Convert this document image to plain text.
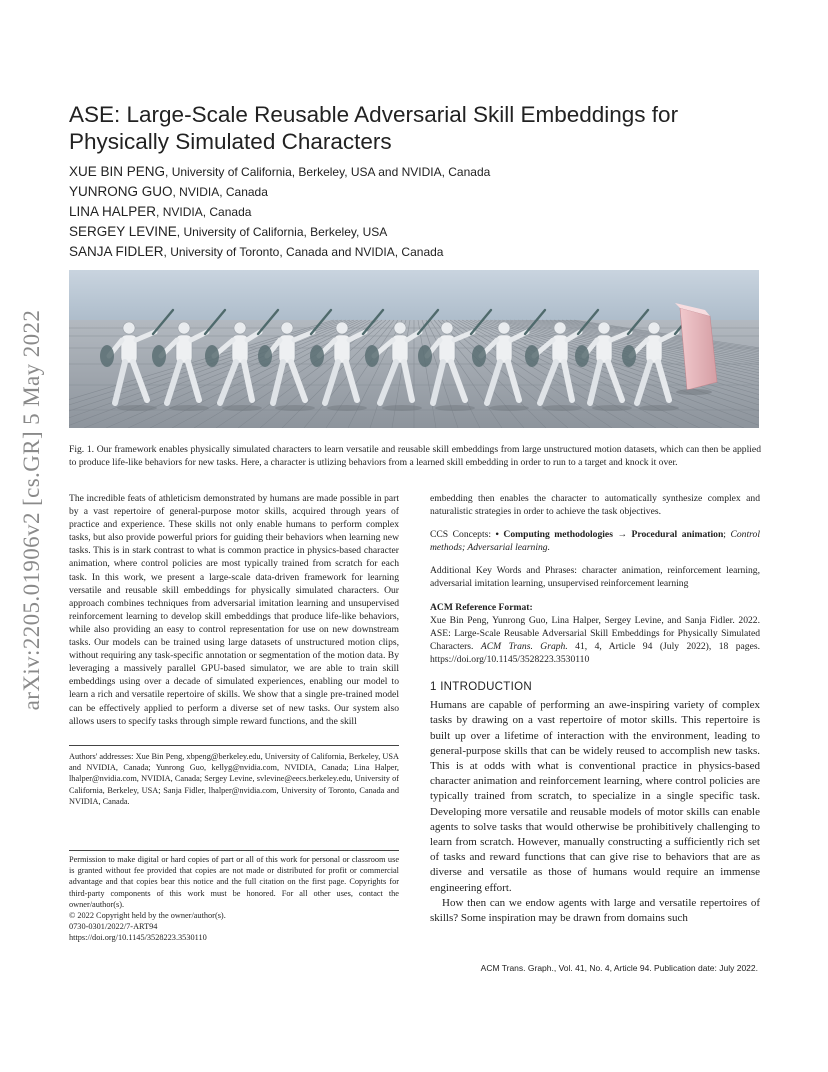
arXiv:2205.01906v2 [cs.GR] 5 May 2022
ASE: Large-Scale Reusable Adversarial Skill Embeddings for Physically Simulated Characters
XUE BIN PENG, University of California, Berkeley, USA and NVIDIA, Canada
YUNRONG GUO, NVIDIA, Canada
LINA HALPER, NVIDIA, Canada
SERGEY LEVINE, University of California, Berkeley, USA
SANJA FIDLER, University of Toronto, Canada and NVIDIA, Canada

Fig. 1. Our framework enables physically simulated characters to learn versatile and reusable skill embeddings from large unstructured motion datasets, which can then be applied to produce life-like behaviors for new tasks. Here, a character is utlizing behaviors from a learned skill embedding in order to run to a target and knock it over.

The incredible feats of athleticism demonstrated by humans are made possible in part by a vast repertoire of general-purpose motor skills, acquired through years of practice and experience. These skills not only enable humans to perform complex tasks, but also provide powerful priors for guiding their behaviors when learning new tasks. This is in stark contrast to what is common practice in physics-based character animation, where control policies are most typically trained from scratch for each task. In this work, we present a large-scale data-driven framework for learning versatile and reusable skill embeddings for physically simulated characters. Our approach combines techniques from adversarial imitation learning and unsupervised reinforcement learning to develop skill embeddings that produce life-like behaviors, while also providing an easy to control representation for use on new downstream tasks. Our models can be trained using large datasets of unstructured motion clips, without requiring any task-specific annotation or segmentation of the motion data. By leveraging a massively parallel GPU-based simulator, we are able to train skill embeddings using over a decade of simulated experiences, enabling our model to learn a rich and versatile repertoire of skills. We show that a single pre-trained model can be effectively applied to perform a diverse set of new tasks. Our system also allows users to specify tasks through simple reward functions, and the skill

Authors' addresses: Xue Bin Peng, xbpeng@berkeley.edu, University of California, Berkeley, USA and NVIDIA, Canada; Yunrong Guo, kellyg@nvidia.com, NVIDIA, Canada; Lina Halper, lhalper@nvidia.com, NVIDIA, Canada; Sergey Levine, svlevine@eecs.berkeley.edu, University of California, Berkeley, USA; Sanja Fidler, lhalper@nvidia.com, University of Toronto, Canada and NVIDIA, Canada.

Permission to make digital or hard copies of part or all of this work for personal or classroom use is granted without fee provided that copies are not made or distributed for profit or commercial advantage and that copies bear this notice and the full citation on the first page. Copyrights for third-party components of this work must be honored. For all other uses, contact the owner/author(s).

© 2022 Copyright held by the owner/author(s).

0730-0301/2022/7-ART94

https://doi.org/10.1145/3528223.3530110

embedding then enables the character to automatically synthesize complex and naturalistic strategies in order to achieve the task objectives.

CCS Concepts: • Computing methodologies → Procedural animation; Control methods; Adversarial learning.

Additional Key Words and Phrases: character animation, reinforcement learning, adversarial imitation learning, unsupervised reinforcement learning

ACM Reference Format:

Xue Bin Peng, Yunrong Guo, Lina Halper, Sergey Levine, and Sanja Fidler. 2022. ASE: Large-Scale Reusable Adversarial Skill Embeddings for Physically Simulated Characters. ACM Trans. Graph. 41, 4, Article 94 (July 2022), 18 pages. https://doi.org/10.1145/3528223.3530110

1 INTRODUCTION

Humans are capable of performing an awe-inspiring variety of complex tasks by drawing on a vast repertoire of motor skills. This repertoire is built up over a lifetime of interaction with the environment, leading to general-purpose skills that can be widely reused to accomplish new tasks. This is at odds with what is conventional practice in physics-based character animation and reinforcement learning, where control policies are typically trained from scratch, to specialize in a single specific task. Developing more versatile and reusable models of motor skills can enable agents to solve tasks that would otherwise be prohibitively challenging to learn from scratch. However, manually constructing a sufficiently rich set of tasks and reward functions that can give rise to behaviors that are as diverse and versatile as those of humans would require an immense engineering effort.

How then can we endow agents with large and versatile repertoires of skills? Some inspiration may be drawn from domains such

ACM Trans. Graph., Vol. 41, No. 4, Article 94. Publication date: July 2022.
